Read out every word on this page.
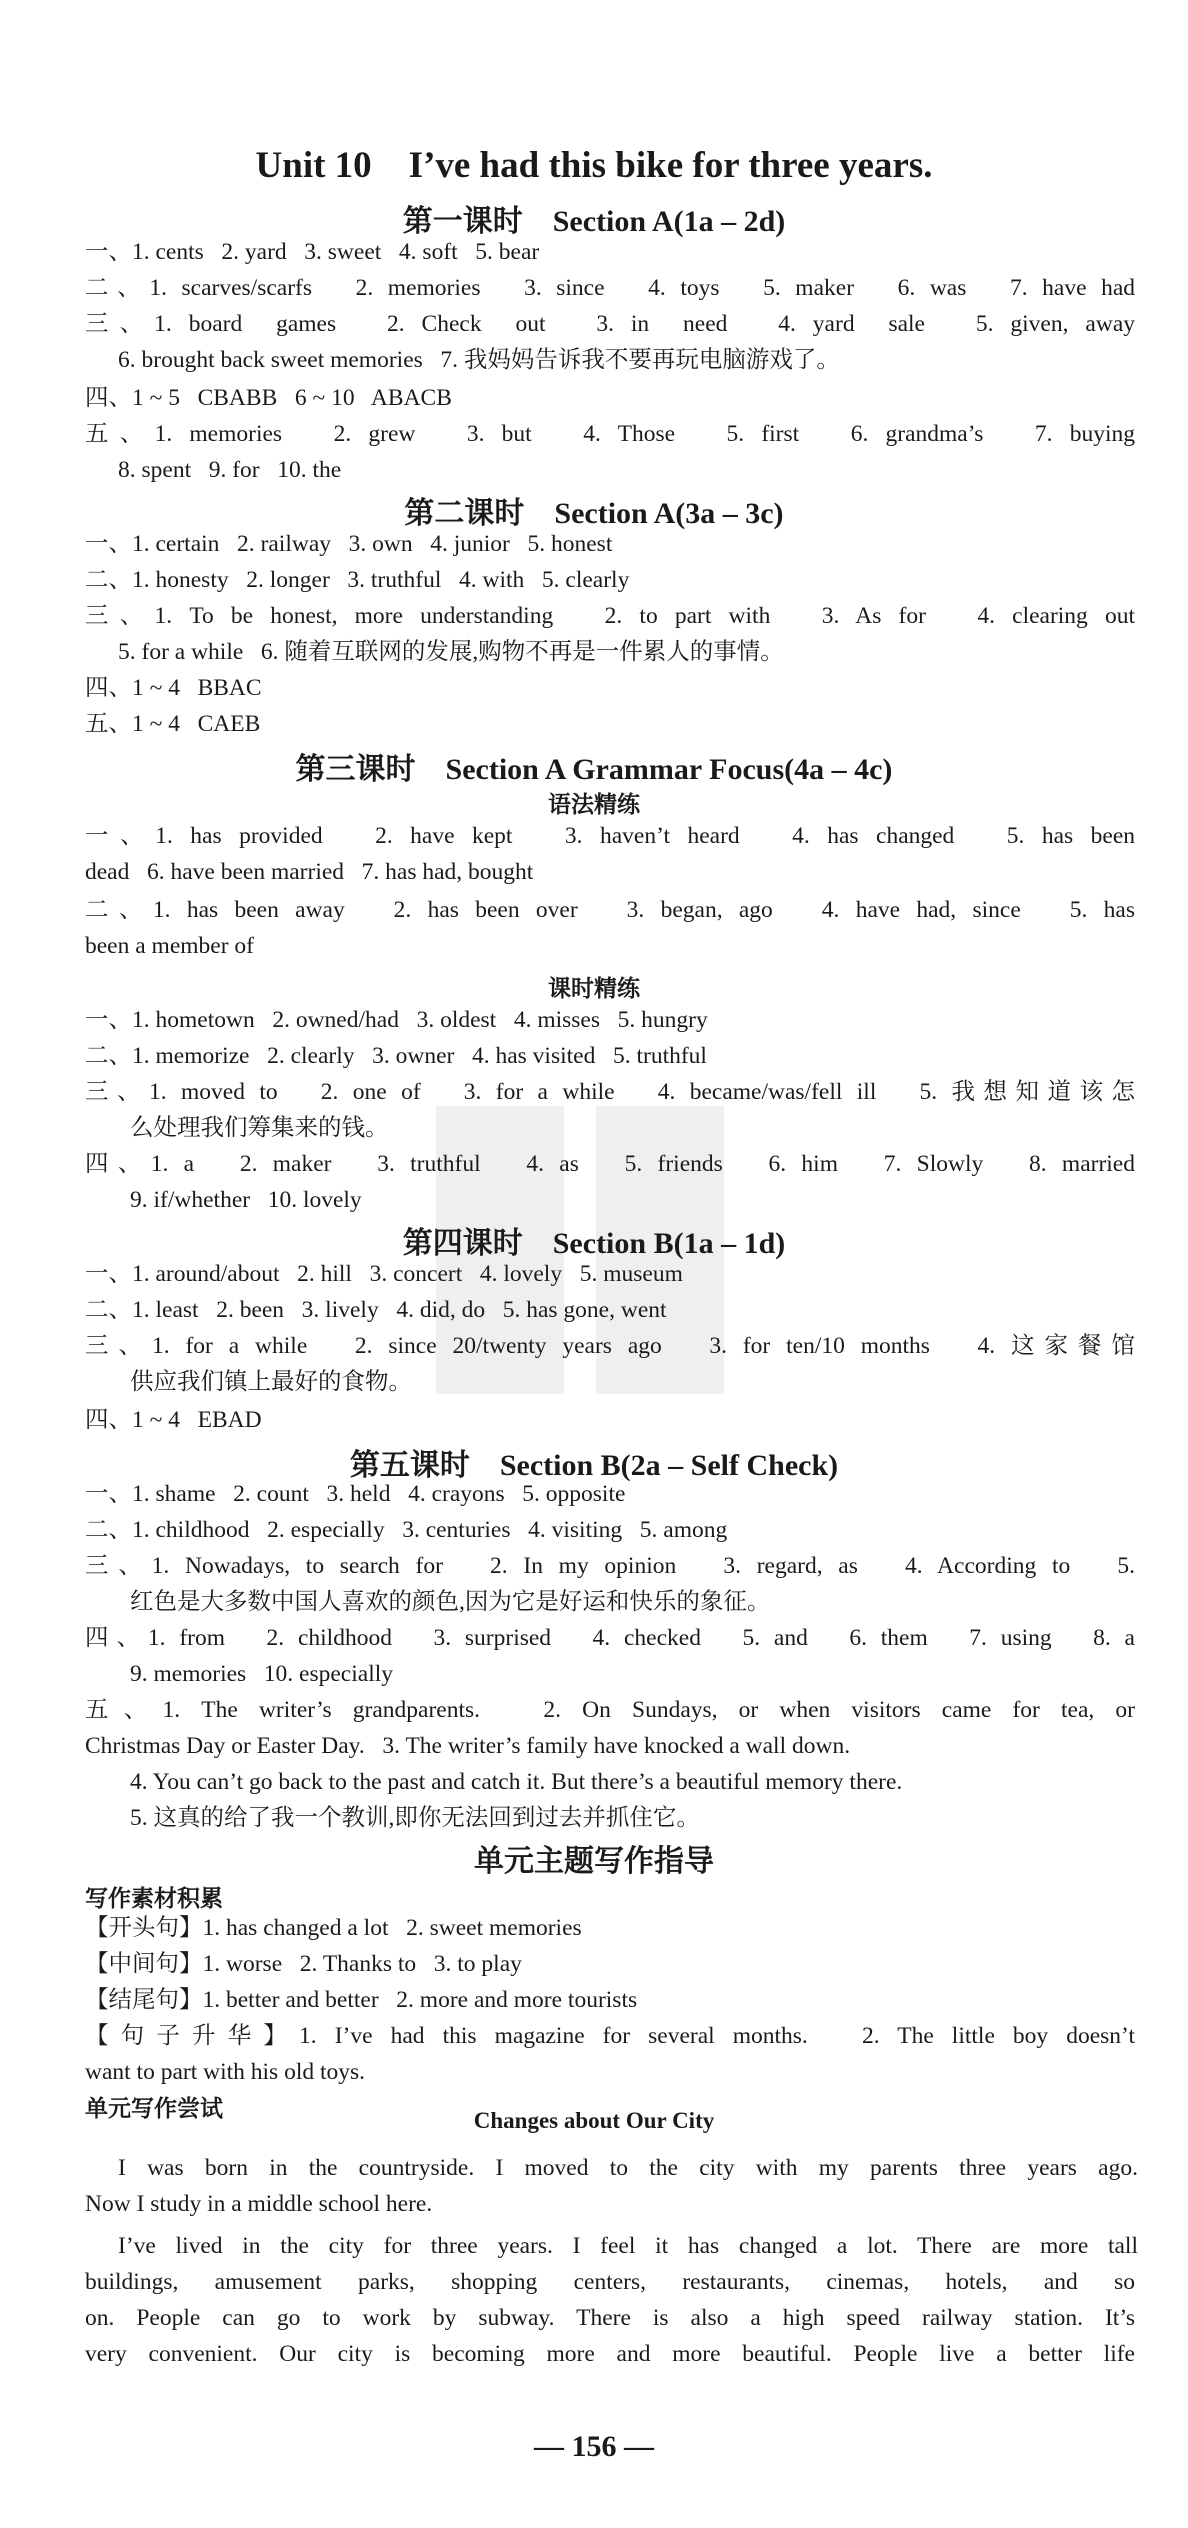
Unit 10    I’ve had this bike for three years.
第一课时    Section A(1a – 2d)
一、1. cents   2. yard   3. sweet   4. soft   5. bear
二、1. scarves/scarfs   2. memories   3. since   4. toys   5. maker   6. was   7. have had
三、1. board  games   2. Check  out   3. in  need   4. yard  sale   5. given, away
6. brought back sweet memories   7. 我妈妈告诉我不要再玩电脑游戏了。
四、1 ~ 5   CBABB   6 ~ 10   ABACB
五、1. memories   2. grew   3. but   4. Those   5. first   6. grandma’s   7. buying
8. spent   9. for   10. the
第二课时    Section A(3a – 3c)
一、1. certain   2. railway   3. own   4. junior   5. honest
二、1. honesty   2. longer   3. truthful   4. with   5. clearly
三、1. To be honest, more understanding   2. to part with   3. As for   4. clearing out
5. for a while   6. 随着互联网的发展,购物不再是一件累人的事情。
四、1 ~ 4   BBAC
五、1 ~ 4   CAEB
第三课时    Section A Grammar Focus(4a – 4c)
语法精练
一、1. has provided   2. have kept   3. haven’t heard   4. has changed   5. has been
dead   6. have been married   7. has had, bought
二、1. has been away   2. has been over   3. began, ago   4. have had, since   5. has
been a member of
课时精练
一、1. hometown   2. owned/had   3. oldest   4. misses   5. hungry
二、1. memorize   2. clearly   3. owner   4. has visited   5. truthful
三、1. moved to   2. one of   3. for a while   4. became/was/fell ill   5. 我想知道该怎
么处理我们筹集来的钱。
四、1. a   2. maker   3. truthful   4. as   5. friends   6. him   7. Slowly   8. married
9. if/whether   10. lovely
第四课时    Section B(1a – 1d)
一、1. around/about   2. hill   3. concert   4. lovely   5. museum
二、1. least   2. been   3. lively   4. did, do   5. has gone, went
三、1. for a while   2. since 20/twenty years ago   3. for ten/10 months   4. 这家餐馆
供应我们镇上最好的食物。
四、1 ~ 4   EBAD
第五课时    Section B(2a – Self Check)
一、1. shame   2. count   3. held   4. crayons   5. opposite
二、1. childhood   2. especially   3. centuries   4. visiting   5. among
三、1. Nowadays, to search for   2. In my opinion   3. regard, as   4. According to   5.
红色是大多数中国人喜欢的颜色,因为它是好运和快乐的象征。
四、1. from   2. childhood   3. surprised   4. checked   5. and   6. them   7. using   8. a
9. memories   10. especially
五、1. The writer’s grandparents.   2. On Sundays, or when visitors came for tea, or
Christmas Day or Easter Day.   3. The writer’s family have knocked a wall down.
4. You can’t go back to the past and catch it. But there’s a beautiful memory there.
5. 这真的给了我一个教训,即你无法回到过去并抓住它。
单元主题写作指导
写作素材积累
【开头句】1. has changed a lot   2. sweet memories
【中间句】1. worse   2. Thanks to   3. to play
【结尾句】1. better and better   2. more and more tourists
【句子升华】1. I’ve had this magazine for several months.   2. The little boy doesn’t
want to part with his old toys.
单元写作尝试	Changes about Our City
I was born in the countryside. I moved to the city with my parents three years ago.
Now I study in a middle school here.
I’ve lived in the city for three years. I feel it has changed a lot. There are more tall
buildings, amusement parks, shopping centers, restaurants, cinemas, hotels, and so
on. People can go to work by subway. There is also a high speed railway station. It’s
very convenient. Our city is becoming more and more beautiful. People live a better life
— 156 —
